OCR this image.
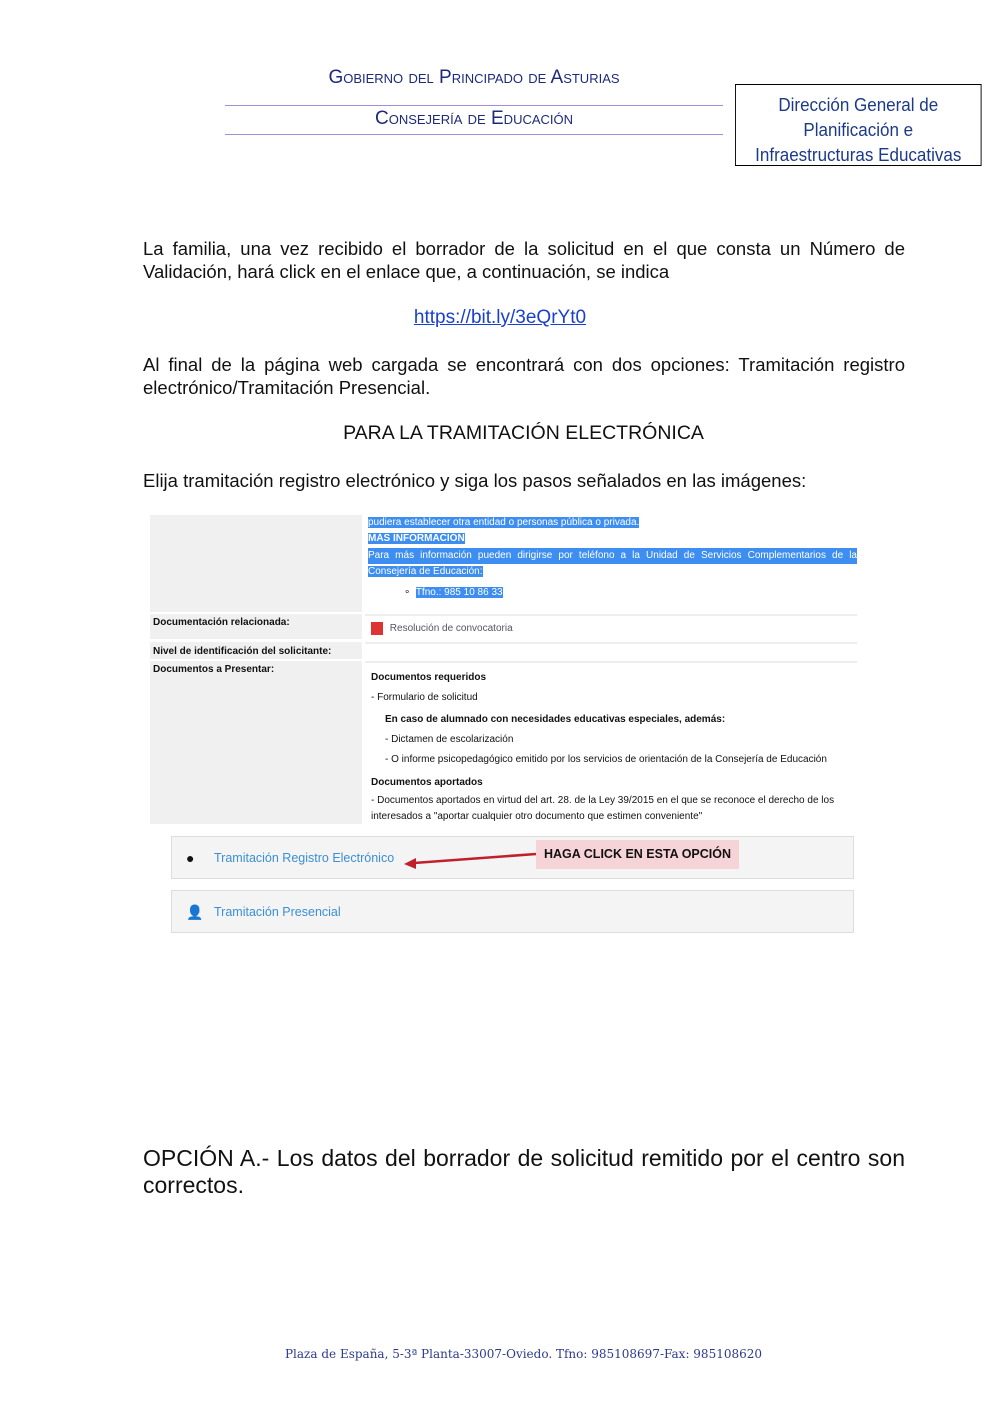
Gobierno del Principado de Asturias
Consejería de Educación
Dirección General de
Planificación e
Infraestructuras Educativas
La familia, una vez recibido el borrador de la solicitud en el que consta un Número de Validación, hará click en el enlace que, a continuación, se indica
https://bit.ly/3eQrYt0
Al final de la página web cargada se encontrará con dos opciones: Tramitación registro electrónico/Tramitación Presencial.
PARA LA TRAMITACIÓN ELECTRÓNICA
Elija tramitación registro electrónico y siga los pasos señalados en las imágenes:
pudiera establecer otra entidad o personas pública o privada.
MÁS INFORMACIÓN

Para más información pueden dirigirse por teléfono a la Unidad de Servicios Complementarios de la
Consejería de Educación:

∘  Tfno.: 985 10 86 33
Documentación relacionada:
Resolución de convocatoria
Nivel de identificación del solicitante:
Documentos a Presentar:
Documentos requeridos
- Formulario de solicitud

En caso de alumnado con necesidades educativas especiales, además:
- Dictamen de escolarización
- O informe psicopedagógico emitido por los servicios de orientación de la Consejería de Educación
Documentos aportados
- Documentos aportados en virtud del art. 28. de la Ley 39/2015 en el que se reconoce el derecho de los interesados a "aportar cualquier otro documento que estimen conveniente"
● Tramitación Registro Electrónico
👤 Tramitación Presencial
HAGA CLICK EN ESTA OPCIÓN
OPCIÓN A.- Los datos del borrador de solicitud remitido por el centro son correctos.
Plaza de España, 5-3ª Planta-33007-Oviedo. Tfno: 985108697-Fax: 985108620
